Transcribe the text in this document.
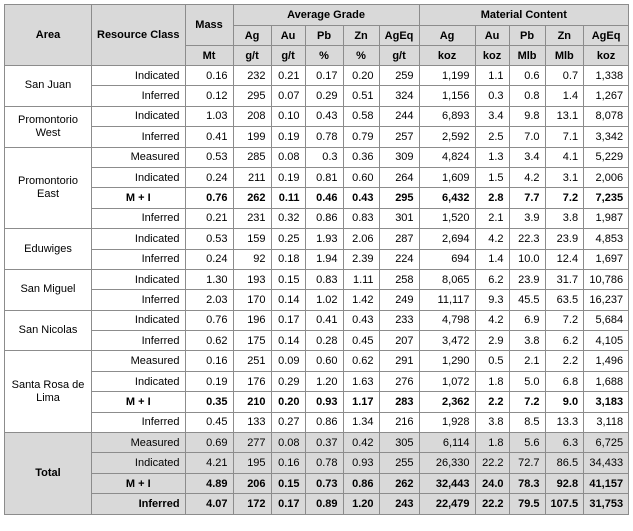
Area	Resource Class	Mass	Average Grade					Material Content				
			Ag	Au	Pb	Zn	AgEq	Ag	Au	Pb	Zn	AgEq
		Mt	g/t	g/t	%	%	g/t	koz	koz	Mlb	Mlb	koz
San Juan	Indicated	0.16	232	0.21	0.17	0.20	259	1,199	1.1	0.6	0.7	1,338
	Inferred	0.12	295	0.07	0.29	0.51	324	1,156	0.3	0.8	1.4	1,267
Promontorio West	Indicated	1.03	208	0.10	0.43	0.58	244	6,893	3.4	9.8	13.1	8,078
	Inferred	0.41	199	0.19	0.78	0.79	257	2,592	2.5	7.0	7.1	3,342
Promontorio East	Measured	0.53	285	0.08	0.3	0.36	309	4,824	1.3	3.4	4.1	5,229
	Indicated	0.24	211	0.19	0.81	0.60	264	1,609	1.5	4.2	3.1	2,006
	M + I	0.76	262	0.11	0.46	0.43	295	6,432	2.8	7.7	7.2	7,235
	Inferred	0.21	231	0.32	0.86	0.83	301	1,520	2.1	3.9	3.8	1,987
Eduwiges	Indicated	0.53	159	0.25	1.93	2.06	287	2,694	4.2	22.3	23.9	4,853
	Inferred	0.24	92	0.18	1.94	2.39	224	694	1.4	10.0	12.4	1,697
San Miguel	Indicated	1.30	193	0.15	0.83	1.11	258	8,065	6.2	23.9	31.7	10,786
	Inferred	2.03	170	0.14	1.02	1.42	249	11,117	9.3	45.5	63.5	16,237
San Nicolas	Indicated	0.76	196	0.17	0.41	0.43	233	4,798	4.2	6.9	7.2	5,684
	Inferred	0.62	175	0.14	0.28	0.45	207	3,472	2.9	3.8	6.2	4,105
Santa Rosa de Lima	Measured	0.16	251	0.09	0.60	0.62	291	1,290	0.5	2.1	2.2	1,496
	Indicated	0.19	176	0.29	1.20	1.63	276	1,072	1.8	5.0	6.8	1,688
	M + I	0.35	210	0.20	0.93	1.17	283	2,362	2.2	7.2	9.0	3,183
	Inferred	0.45	133	0.27	0.86	1.34	216	1,928	3.8	8.5	13.3	3,118
Total	Measured	0.69	277	0.08	0.37	0.42	305	6,114	1.8	5.6	6.3	6,725
	Indicated	4.21	195	0.16	0.78	0.93	255	26,330	22.2	72.7	86.5	34,433
	M + I	4.89	206	0.15	0.73	0.86	262	32,443	24.0	78.3	92.8	41,157
	Inferred	4.07	172	0.17	0.89	1.20	243	22,479	22.2	79.5	107.5	31,753
